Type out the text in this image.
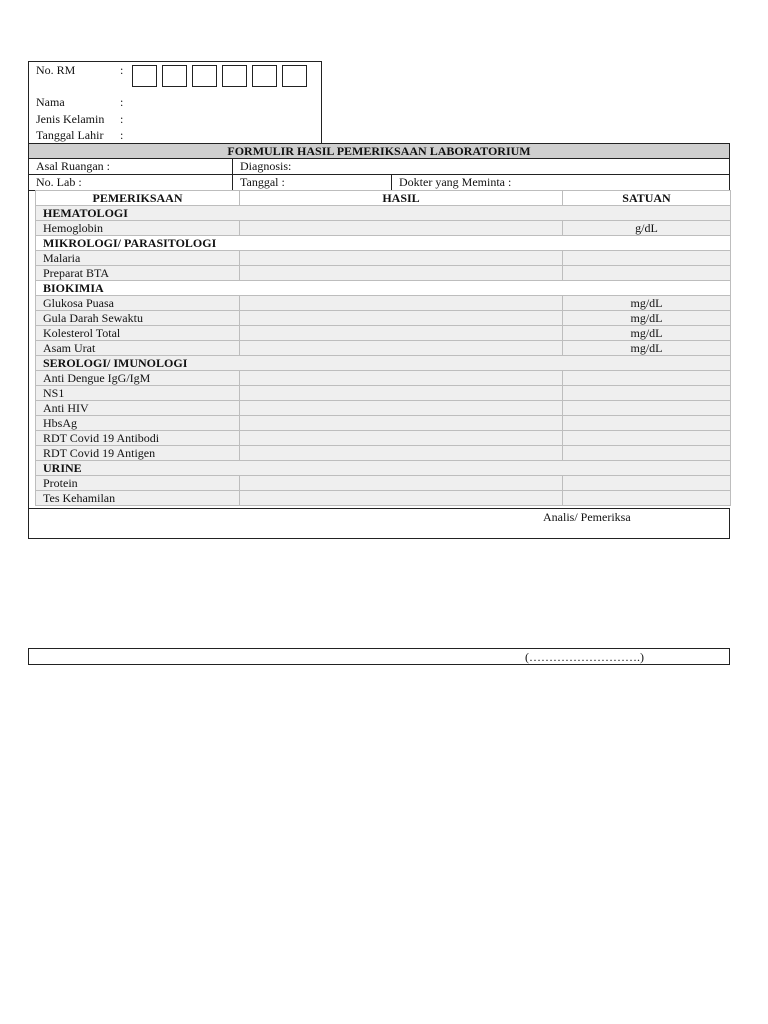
No. RM	:
Nama	:
Jenis Kelamin :
Tanggal Lahir :
FORMULIR HASIL PEMERIKSAAN LABORATORIUM
Asal Ruangan :	Diagnosis:
No. Lab :	Tanggal :	Dokter yang Meminta :
PEMERIKSAAN	HASIL	SATUAN
HEMATOLOGI		
Hemoglobin		g/dL
MIKROLOGI/ PARASITOLOGI		
Malaria		
Preparat BTA		
BIOKIMIA		
Glukosa Puasa		mg/dL
Gula Darah Sewaktu		mg/dL
Kolesterol Total		mg/dL
Asam Urat		mg/dL
SEROLOGI/ IMUNOLOGI		
Anti Dengue IgG/IgM		
NS1		
Anti HIV		
HbsAg		
RDT Covid 19 Antibodi		
RDT Covid 19 Antigen		
URINE		
Protein		
Tes Kehamilan		
Analis/ Pemeriksa
(……………………….)
